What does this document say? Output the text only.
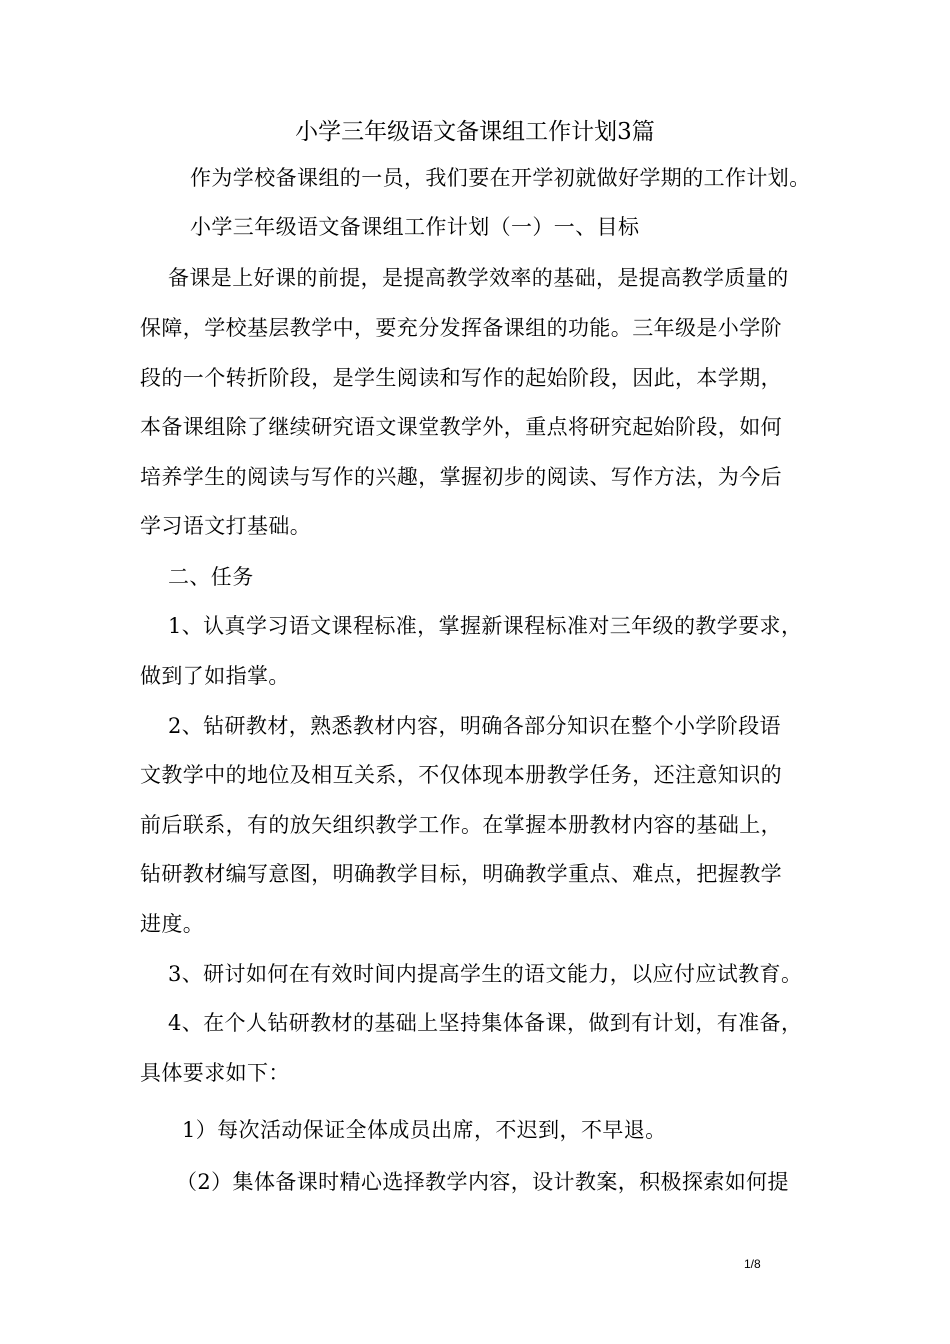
小学三年级语文备课组工作计划3篇
作为学校备课组的一员，我们要在开学初就做好学期的工作计划。
小学三年级语文备课组工作计划（一）一、目标
备课是上好课的前提，是提高教学效率的基础，是提高教学质量的
保障，学校基层教学中，要充分发挥备课组的功能。三年级是小学阶
段的一个转折阶段，是学生阅读和写作的起始阶段，因此，本学期，
本备课组除了继续研究语文课堂教学外，重点将研究起始阶段，如何
培养学生的阅读与写作的兴趣，掌握初步的阅读、写作方法，为今后
学习语文打基础。
二、任务
1、认真学习语文课程标准，掌握新课程标准对三年级的教学要求，
做到了如指掌。
2、钻研教材，熟悉教材内容，明确各部分知识在整个小学阶段语
文教学中的地位及相互关系，不仅体现本册教学任务，还注意知识的
前后联系，有的放矢组织教学工作。在掌握本册教材内容的基础上，
钻研教材编写意图，明确教学目标，明确教学重点、难点，把握教学
进度。
3、研讨如何在有效时间内提高学生的语文能力，以应付应试教育。
4、在个人钻研教材的基础上坚持集体备课，做到有计划，有准备，
具体要求如下：
1）每次活动保证全体成员出席，不迟到，不早退。
（2）集体备课时精心选择教学内容，设计教案，积极探索如何提
1/8
